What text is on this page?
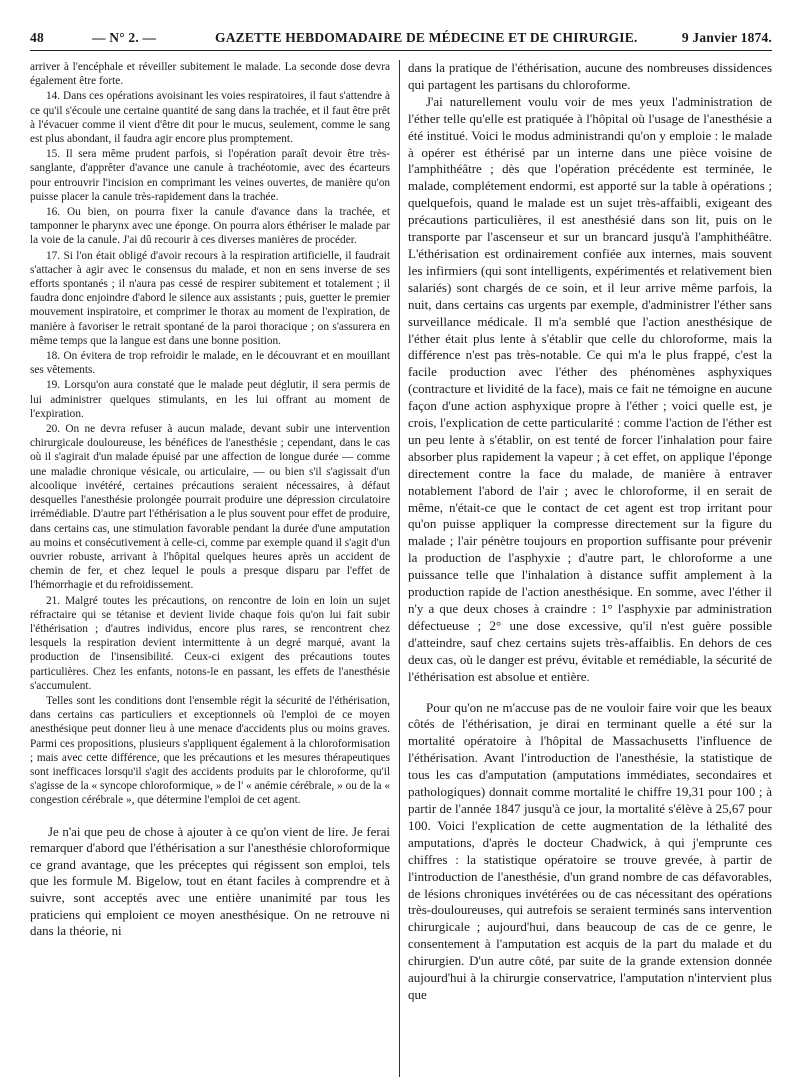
48	— N° 2. —	GAZETTE HEBDOMADAIRE DE MÉDECINE ET DE CHIRURGIE.	9 Janvier 1874.

arriver à l'encéphale et réveiller subitement le malade. La seconde dose devra également être forte.

14. Dans ces opérations avoisinant les voies respiratoires, il faut s'attendre à ce qu'il s'écoule une certaine quantité de sang dans la trachée, et il faut être prêt à l'évacuer comme il vient d'être dit pour le mucus, seulement, comme le sang est plus abondant, il faudra agir encore plus promptement.

15. Il sera même prudent parfois, si l'opération paraît devoir être très-sanglante, d'apprêter d'avance une canule à trachéotomie, avec des écarteurs pour entrouvrir l'incision en comprimant les veines ouvertes, de manière qu'on puisse placer la canule très-rapidement dans la trachée.

16. Ou bien, on pourra fixer la canule d'avance dans la trachée, et tamponner le pharynx avec une éponge. On pourra alors éthériser le malade par la voie de la canule. J'ai dû recourir à ces diverses manières de procéder.

17. Si l'on était obligé d'avoir recours à la respiration artificielle, il faudrait s'attacher à agir avec le consensus du malade, et non en sens inverse de ses efforts spontanés ; il n'aura pas cessé de respirer subitement et totalement ; il faudra donc enjoindre d'abord le silence aux assistants ; puis, guetter le premier mouvement inspiratoire, et comprimer le thorax au moment de l'expiration, de manière à favoriser le retrait spontané de la paroi thoracique ; on s'assurera en même temps que la langue est dans une bonne position.

18. On évitera de trop refroidir le malade, en le découvrant et en mouillant ses vêtements.

19. Lorsqu'on aura constaté que le malade peut déglutir, il sera permis de lui administrer quelques stimulants, en les lui offrant au moment de l'expiration.

20. On ne devra refuser à aucun malade, devant subir une intervention chirurgicale douloureuse, les bénéfices de l'anesthésie ; cependant, dans le cas où il s'agirait d'un malade épuisé par une affection de longue durée — comme une maladie chronique vésicale, ou articulaire, — ou bien s'il s'agissait d'un alcoolique invétéré, certaines précautions seraient nécessaires, à défaut desquelles l'anesthésie prolongée pourrait produire une dépression circulatoire irrémédiable. D'autre part l'éthérisation a le plus souvent pour effet de produire, dans certains cas, une stimulation favorable pendant la durée d'une amputation au moins et consécutivement à celle-ci, comme par exemple quand il s'agit d'un ouvrier robuste, arrivant à l'hôpital quelques heures après un accident de chemin de fer, et chez lequel le pouls a presque disparu par l'effet de l'hémorrhagie et du refroidissement.

21. Malgré toutes les précautions, on rencontre de loin en loin un sujet réfractaire qui se tétanise et devient livide chaque fois qu'on lui fait subir l'éthérisation ; d'autres individus, encore plus rares, se rencontrent chez lesquels la respiration devient intermittente à un degré marqué, avant la production de l'insensibilité. Ceux-ci exigent des précautions toutes particulières. Chez les enfants, notons-le en passant, les effets de l'anesthésie s'accumulent.

Telles sont les conditions dont l'ensemble régit la sécurité de l'éthérisation, dans certains cas particuliers et exceptionnels où l'emploi de ce moyen anesthésique peut donner lieu à une menace d'accidents plus ou moins graves. Parmi ces propositions, plusieurs s'appliquent également à la chloroformisation ; mais avec cette différence, que les précautions et les mesures thérapeutiques sont inefficaces lorsqu'il s'agit des accidents produits par le chloroforme, qu'il s'agisse de la « syncope chloroformique, » de l' « anémie cérébrale, » ou de la « congestion cérébrale », que détermine l'emploi de cet agent.

Je n'ai que peu de chose à ajouter à ce qu'on vient de lire. Je ferai remarquer d'abord que l'éthérisation a sur l'anesthésie chloroformique ce grand avantage, que les préceptes qui régissent son emploi, tels que les formule M. Bigelow, tout en étant faciles à comprendre et à suivre, sont acceptés avec une entière unanimité par tous les praticiens qui emploient ce moyen anesthésique. On ne retrouve ni dans la théorie, ni

dans la pratique de l'éthérisation, aucune des nombreuses dissidences qui partagent les partisans du chloroforme.

J'ai naturellement voulu voir de mes yeux l'administration de l'éther telle qu'elle est pratiquée à l'hôpital où l'usage de l'anesthésie a été institué. Voici le modus administrandi qu'on y emploie : le malade à opérer est éthérisé par un interne dans une pièce voisine de l'amphithéâtre ; dès que l'opération précédente est terminée, le malade, complétement endormi, est apporté sur la table à opérations ; quelquefois, quand le malade est un sujet très-affaibli, exigeant des précautions particulières, il est anesthésié dans son lit, puis on le transporte par l'ascenseur et sur un brancard jusqu'à l'amphithéâtre. L'éthérisation est ordinairement confiée aux internes, mais souvent les infirmiers (qui sont intelligents, expérimentés et relativement bien salariés) sont chargés de ce soin, et il leur arrive même parfois, la nuit, dans certains cas urgents par exemple, d'administrer l'éther sans surveillance médicale. Il m'a semblé que l'action anesthésique de l'éther était plus lente à s'établir que celle du chloroforme, mais la différence n'est pas très-notable. Ce qui m'a le plus frappé, c'est la facile production avec l'éther des phénomènes asphyxiques (contracture et lividité de la face), mais ce fait ne témoigne en aucune façon d'une action asphyxique propre à l'éther ; voici quelle est, je crois, l'explication de cette particularité : comme l'action de l'éther est un peu lente à s'établir, on est tenté de forcer l'inhalation pour faire absorber plus rapidement la vapeur ; à cet effet, on applique l'éponge directement contre la face du malade, de manière à entraver notablement l'abord de l'air ; avec le chloroforme, il en serait de même, n'était-ce que le contact de cet agent est trop irritant pour qu'on puisse appliquer la compresse directement sur la figure du malade ; l'air pénètre toujours en proportion suffisante pour prévenir la production de l'asphyxie ; d'autre part, le chloroforme a une puissance telle que l'inhalation à distance suffit amplement à la production rapide de l'action anesthésique. En somme, avec l'éther il n'y a que deux choses à craindre : 1° l'asphyxie par administration défectueuse ; 2° une dose excessive, qu'il n'est guère possible d'atteindre, sauf chez certains sujets très-affaiblis. En dehors de ces deux cas, où le danger est prévu, évitable et remédiable, la sécurité de l'éthérisation est absolue et entière.

Pour qu'on ne m'accuse pas de ne vouloir faire voir que les beaux côtés de l'éthérisation, je dirai en terminant quelle a été sur la mortalité opératoire à l'hôpital de Massachusetts l'influence de l'éthérisation. Avant l'introduction de l'anesthésie, la statistique de tous les cas d'amputation (amputations immédiates, secondaires et pathologiques) donnait comme mortalité le chiffre 19,31 pour 100 ; à partir de l'année 1847 jusqu'à ce jour, la mortalité s'élève à 25,67 pour 100. Voici l'explication de cette augmentation de la léthalité des amputations, d'après le docteur Chadwick, à qui j'emprunte ces chiffres : la statistique opératoire se trouve grevée, à partir de l'introduction de l'anesthésie, d'un grand nombre de cas défavorables, de lésions chroniques invétérées ou de cas nécessitant des opérations très-douloureuses, qui autrefois se seraient terminés sans intervention chirurgicale ; aujourd'hui, dans beaucoup de cas de ce genre, le consentement à l'amputation est acquis de la part du malade et du chirurgien. D'un autre côté, par suite de la grande extension donnée aujourd'hui à la chirurgie conservatrice, l'amputation n'intervient plus que
